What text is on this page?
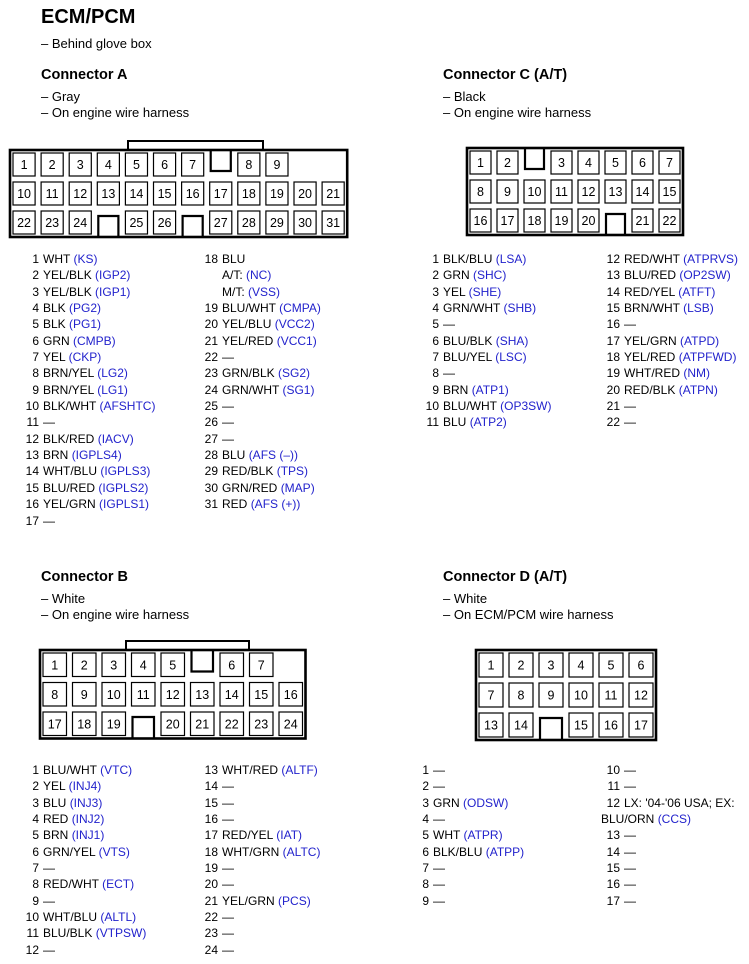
ECM/PCM
– Behind glove box
Connector A
– Gray
– On engine wire harness
1 2 3 4 5 6 7	8 9
10 11 12 13 14 15 16 17 18 19 20 21
22 23 24	25 26	27 28 29 30 31
1 WHT (KS)
2 YEL/BLK (IGP2)
3 YEL/BLK (IGP1)
4 BLK (PG2)
5 BLK (PG1)
6 GRN (CMPB)
7 YEL (CKP)
8 BRN/YEL (LG2)
9 BRN/YEL (LG1)
10 BLK/WHT (AFSHTC)
11 —
12 BLK/RED (IACV)
13 BRN (IGPLS4)
14 WHT/BLU (IGPLS3)
15 BLU/RED (IGPLS2)
16 YEL/GRN (IGPLS1)
17 —
18 BLU
A/T: (NC)
M/T: (VSS)
19 BLU/WHT (CMPA)
20 YEL/BLU (VCC2)
21 YEL/RED (VCC1)
22 —
23 GRN/BLK (SG2)
24 GRN/WHT (SG1)
25 —
26 —
27 —
28 BLU (AFS (–))
29 RED/BLK (TPS)
30 GRN/RED (MAP)
31 RED (AFS (+))
Connector C (A/T)
– Black
– On engine wire harness
1 2	3 4 5 6 7
8 9 10 11 12 13 14 15
16 17 18 19 20	21 22
1 BLK/BLU (LSA)
2 GRN (SHC)
3 YEL (SHE)
4 GRN/WHT (SHB)
5 —
6 BLU/BLK (SHA)
7 BLU/YEL (LSC)
8 —
9 BRN (ATP1)
10 BLU/WHT (OP3SW)
11 BLU (ATP2)
12 RED/WHT (ATPRVS)
13 BLU/RED (OP2SW)
14 RED/YEL (ATFT)
15 BRN/WHT (LSB)
16 —
17 YEL/GRN (ATPD)
18 YEL/RED (ATPFWD)
19 WHT/RED (NM)
20 RED/BLK (ATPN)
21 —
22 —
Connector B
– White
– On engine wire harness
1 2 3 4 5	6 7
8 9 10 11 12 13 14 15 16
17 18 19	20 21 22 23 24
1 BLU/WHT (VTC)
2 YEL (INJ4)
3 BLU (INJ3)
4 RED (INJ2)
5 BRN (INJ1)
6 GRN/YEL (VTS)
7 —
8 RED/WHT (ECT)
9 —
10 WHT/BLU (ALTL)
11 BLU/BLK (VTPSW)
12 —
13 WHT/RED (ALTF)
14 —
15 —
16 —
17 RED/YEL (IAT)
18 WHT/GRN (ALTC)
19 —
20 —
21 YEL/GRN (PCS)
22 —
23 —
24 —
Connector D (A/T)
– White
– On ECM/PCM wire harness
1 2 3 4 5 6
7 8 9 10 11 12
13 14	15 16 17
1 —
2 —
3 GRN (ODSW)
4 —
5 WHT (ATPR)
6 BLK/BLU (ATPP)
7 —
8 —
9 —
10 —
11 —
12 LX: '04-'06 USA; EX:
BLU/ORN (CCS)
13 —
14 —
15 —
16 —
17 —
